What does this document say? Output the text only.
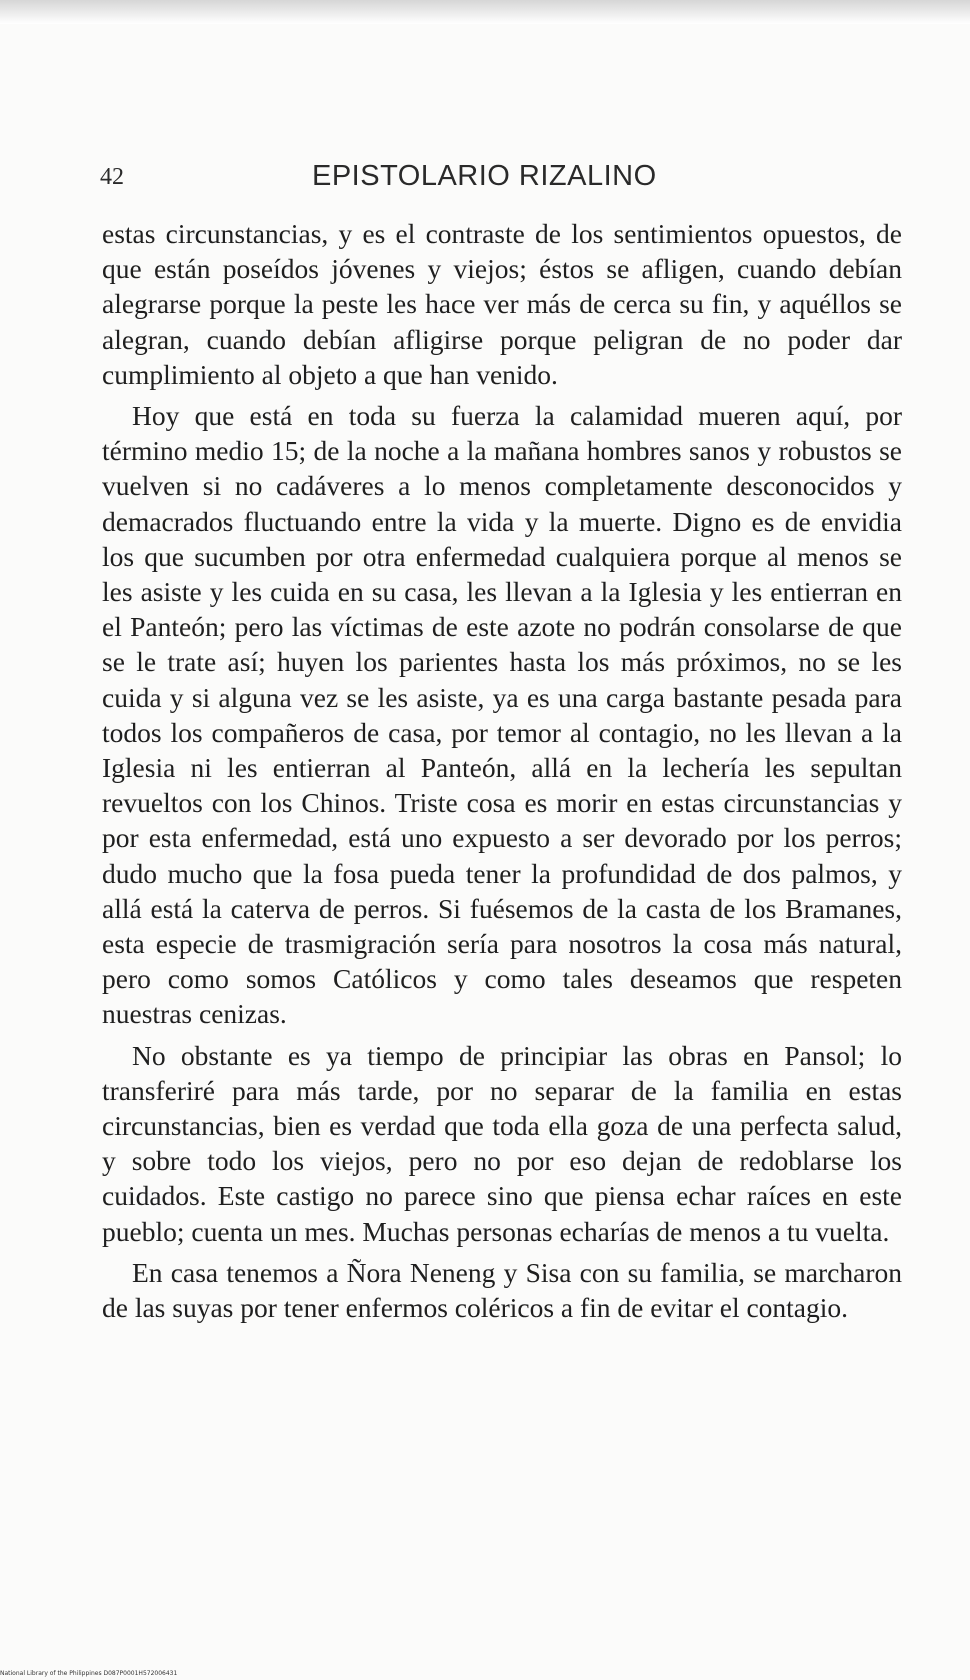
42	EPISTOLARIO RIZALINO

estas circunstancias, y es el contraste de los sentimientos opuestos, de que están poseídos jóvenes y viejos; éstos se afligen, cuando debían alegrarse porque la peste les hace ver más de cerca su fin, y aquéllos se alegran, cuando debían afligirse porque peligran de no poder dar cumplimiento al objeto a que han venido.

Hoy que está en toda su fuerza la calamidad mueren aquí, por término medio 15; de la noche a la mañana hombres sanos y robustos se vuelven si no cadáveres a lo menos completamente desconocidos y demacrados fluctuando entre la vida y la muerte. Digno es de envidia los que sucumben por otra enfermedad cualquiera porque al menos se les asiste y les cuida en su casa, les llevan a la Iglesia y les entierran en el Panteón; pero las víctimas de este azote no podrán consolarse de que se le trate así; huyen los parientes hasta los más próximos, no se les cuida y si alguna vez se les asiste, ya es una carga bastante pesada para todos los compañeros de casa, por temor al contagio, no les llevan a la Iglesia ni les entierran al Panteón, allá en la lechería les sepultan revueltos con los Chinos. Triste cosa es morir en estas circunstancias y por esta enfermedad, está uno expuesto a ser devorado por los perros; dudo mucho que la fosa pueda tener la profundidad de dos palmos, y allá está la caterva de perros. Si fuésemos de la casta de los Bramanes, esta especie de trasmigración sería para nosotros la cosa más natural, pero como somos Católicos y como tales deseamos que respeten nuestras cenizas.

No obstante es ya tiempo de principiar las obras en Pansol; lo transferiré para más tarde, por no separar de la familia en estas circunstancias, bien es verdad que toda ella goza de una perfecta salud, y sobre todo los viejos, pero no por eso dejan de redoblarse los cuidados. Este castigo no parece sino que piensa echar raíces en este pueblo; cuenta un mes. Muchas personas echarías de menos a tu vuelta.

En casa tenemos a Ñora Neneng y Sisa con su familia, se marcharon de las suyas por tener enfermos coléricos a fin de evitar el contagio.

National Library of the Philippines D087P0001H572006431
